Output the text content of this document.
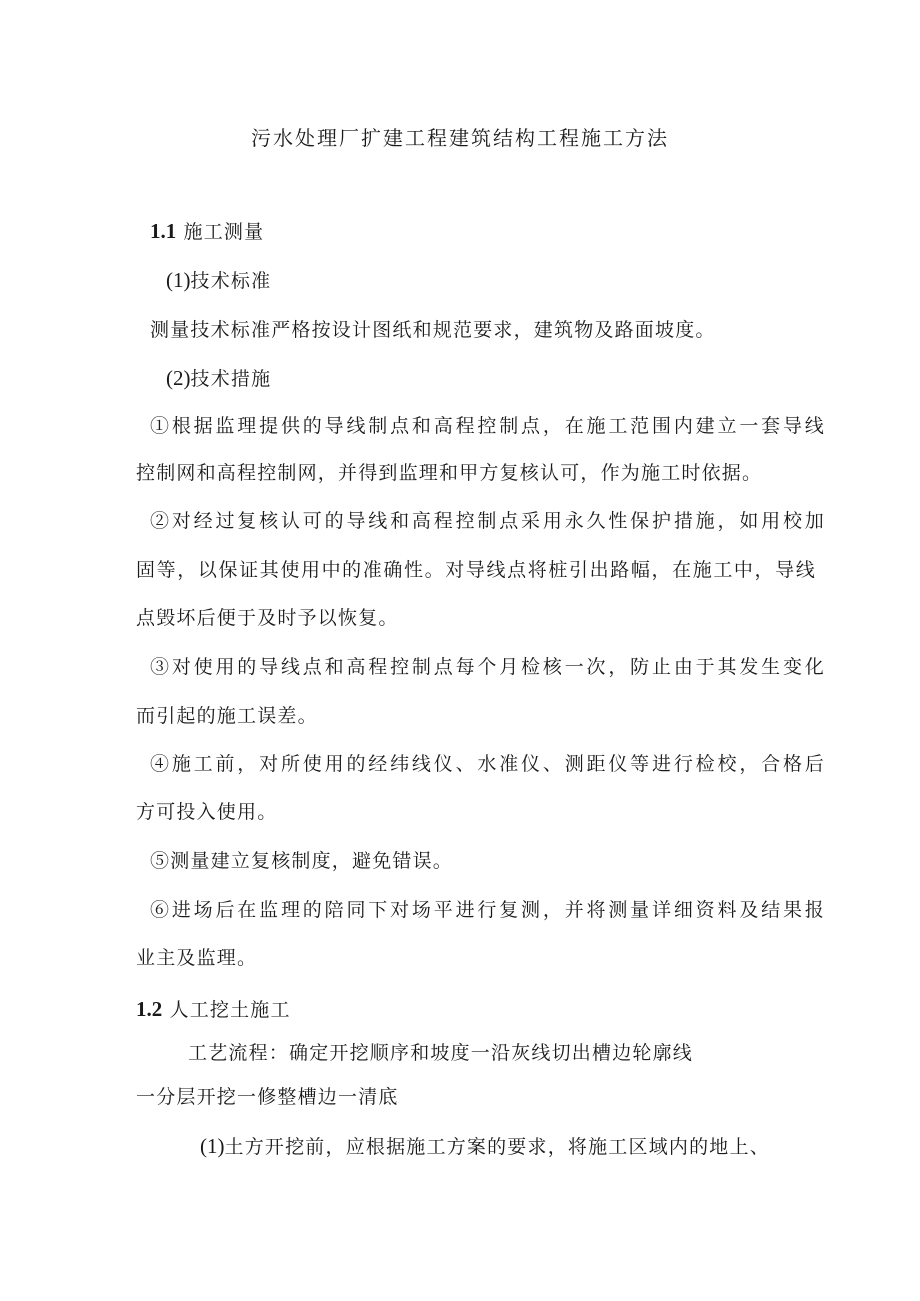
污水处理厂扩建工程建筑结构工程施工方法
1.1 施工测量
(1)技术标准
测量技术标准严格按设计图纸和规范要求，建筑物及路面坡度。
(2)技术措施
①根据监理提供的导线制点和高程控制点，在施工范围内建立一套导线
控制网和高程控制网，并得到监理和甲方复核认可，作为施工时依据。
②对经过复核认可的导线和高程控制点采用永久性保护措施，如用校加
固等，以保证其使用中的准确性。对导线点将桩引出路幅，在施工中，导线
点毁坏后便于及时予以恢复。
③对使用的导线点和高程控制点每个月检核一次，防止由于其发生变化
而引起的施工误差。
④施工前，对所使用的经纬线仪、水准仪、测距仪等进行检校，合格后
方可投入使用。
⑤测量建立复核制度，避免错误。
⑥进场后在监理的陪同下对场平进行复测，并将测量详细资料及结果报
业主及监理。
1.2 人工挖土施工
工艺流程：确定开挖顺序和坡度一沿灰线切出槽边轮廓线
一分层开挖一修整槽边一清底
(1)土方开挖前，应根据施工方案的要求，将施工区域内的地上、
